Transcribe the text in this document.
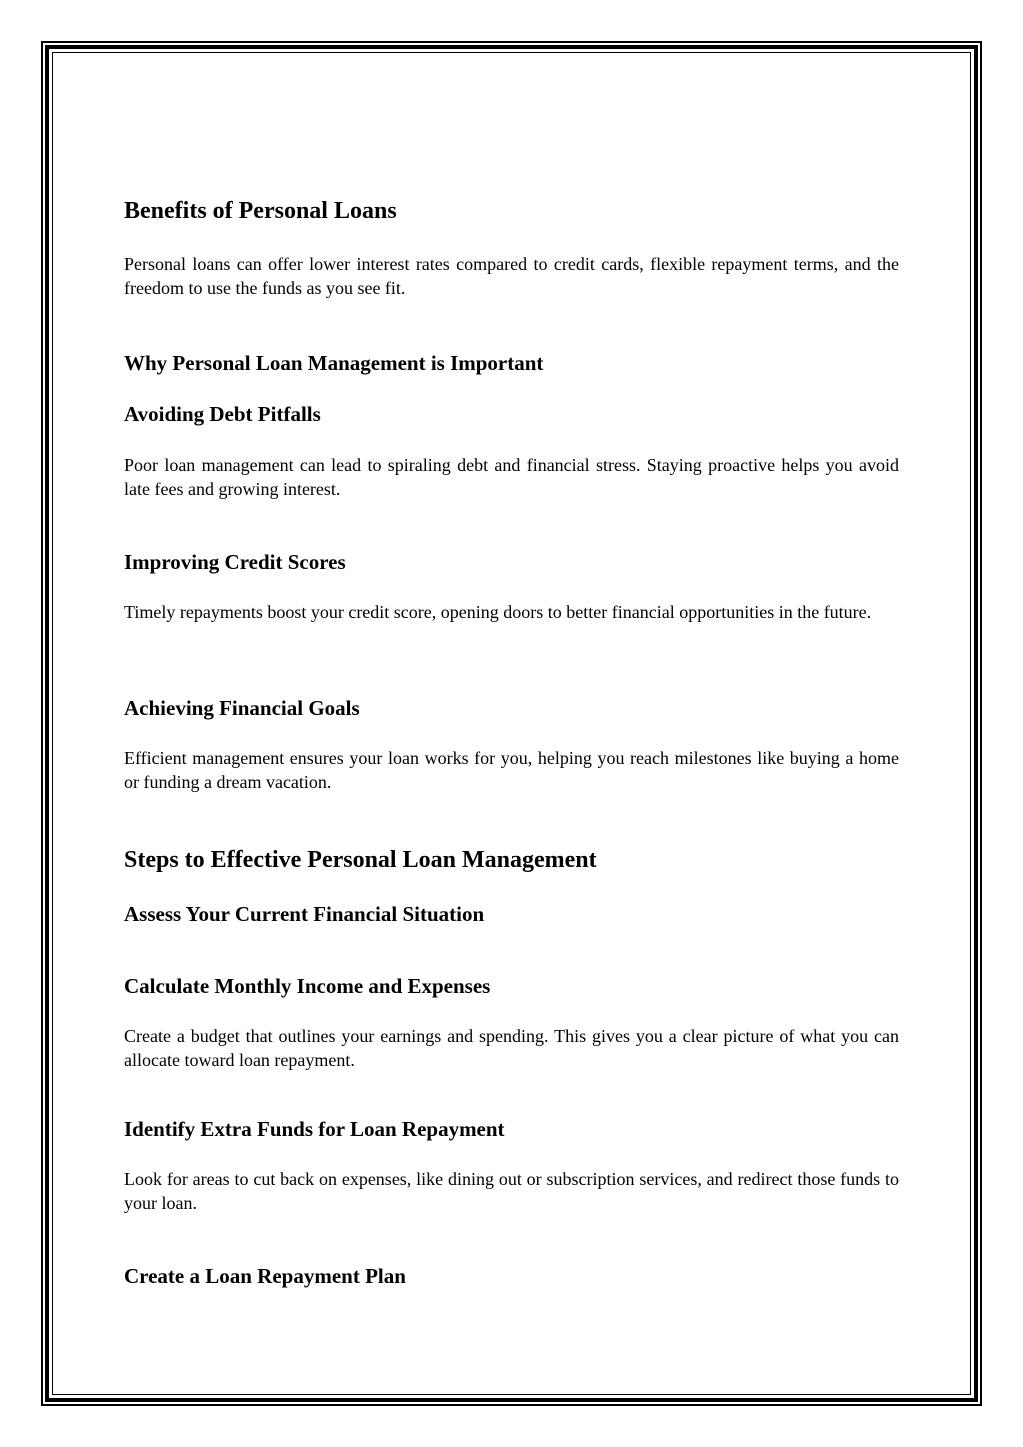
Benefits of Personal Loans
Personal loans can offer lower interest rates compared to credit cards, flexible repayment terms, and the freedom to use the funds as you see fit.
Why Personal Loan Management is Important
Avoiding Debt Pitfalls
Poor loan management can lead to spiraling debt and financial stress. Staying proactive helps you avoid late fees and growing interest.
Improving Credit Scores
Timely repayments boost your credit score, opening doors to better financial opportunities in the future.
Achieving Financial Goals
Efficient management ensures your loan works for you, helping you reach milestones like buying a home or funding a dream vacation.
Steps to Effective Personal Loan Management
Assess Your Current Financial Situation
Calculate Monthly Income and Expenses
Create a budget that outlines your earnings and spending. This gives you a clear picture of what you can allocate toward loan repayment.
Identify Extra Funds for Loan Repayment
Look for areas to cut back on expenses, like dining out or subscription services, and redirect those funds to your loan.
Create a Loan Repayment Plan
